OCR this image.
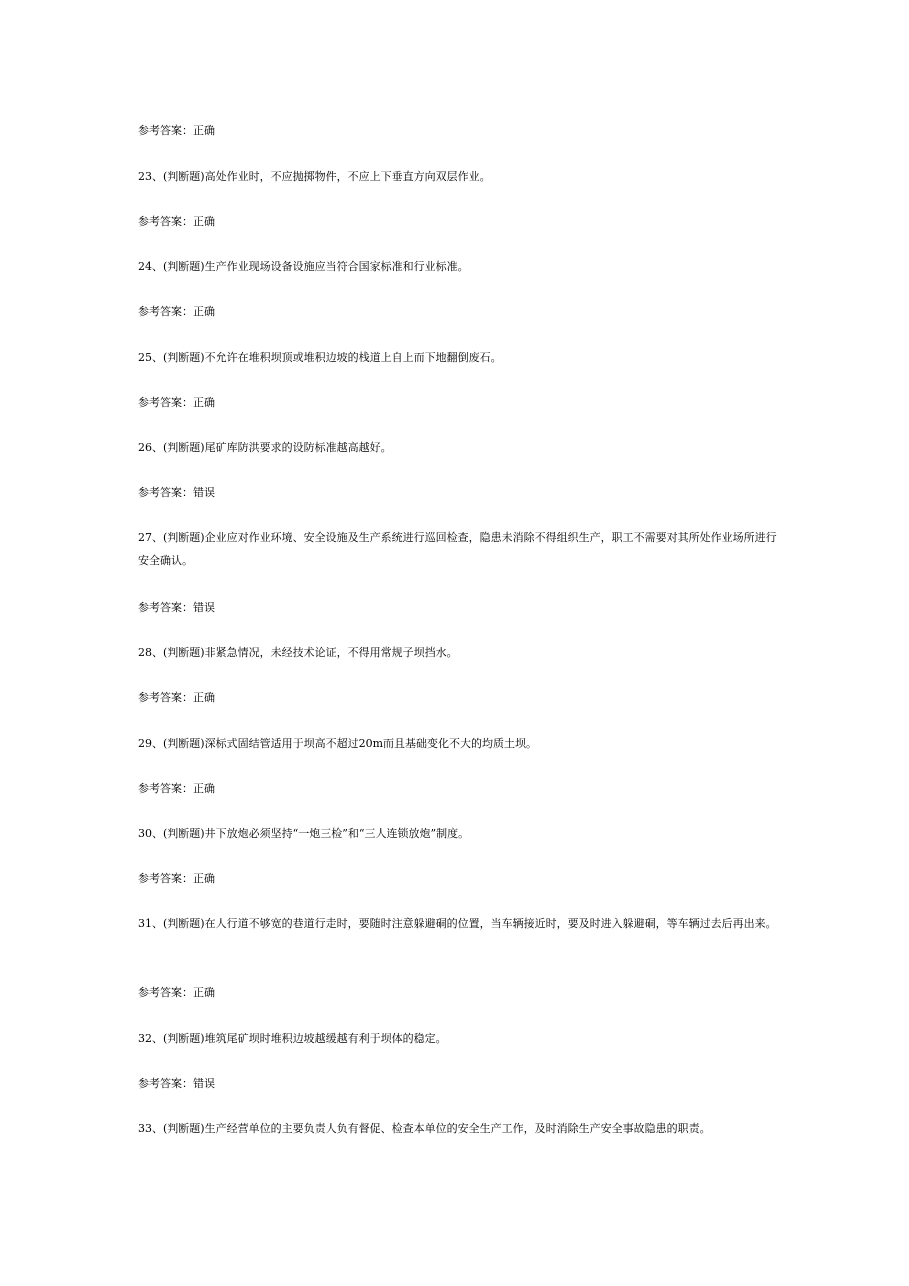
参考答案：正确
23、(判断题)高处作业时，不应抛掷物件，不应上下垂直方向双层作业。
参考答案：正确
24、(判断题)生产作业现场设备设施应当符合国家标准和行业标准。
参考答案：正确
25、(判断题)不允许在堆积坝顶或堆积边坡的栈道上自上而下地翻倒废石。
参考答案：正确
26、(判断题)尾矿库防洪要求的设防标准越高越好。
参考答案：错误
27、(判断题)企业应对作业环境、安全设施及生产系统进行巡回检查，隐患未消除不得组织生产，职工不需要对其所处作业场所进行安全确认。
参考答案：错误
28、(判断题)非紧急情况，未经技术论证，不得用常规子坝挡水。
参考答案：正确
29、(判断题)深标式固结管适用于坝高不超过20m而且基础变化不大的均质土坝。
参考答案：正确
30、(判断题)井下放炮必须坚持“一炮三检”和“三人连锁放炮”制度。
参考答案：正确
31、(判断题)在人行道不够宽的巷道行走时，要随时注意躲避硐的位置，当车辆接近时，要及时进入躲避硐，等车辆过去后再出来。
参考答案：正确
32、(判断题)堆筑尾矿坝时堆积边坡越缓越有利于坝体的稳定。
参考答案：错误
33、(判断题)生产经营单位的主要负责人负有督促、检查本单位的安全生产工作，及时消除生产安全事故隐患的职责。
